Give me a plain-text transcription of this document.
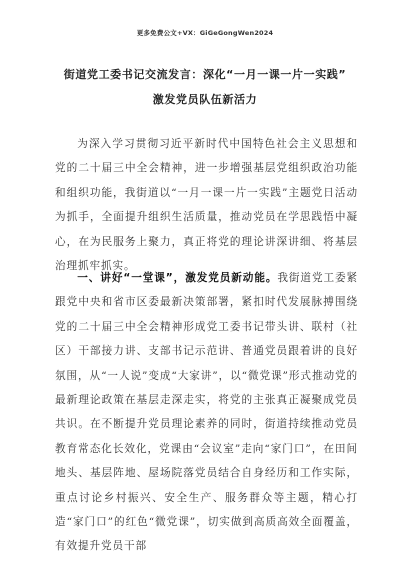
更多免费公文+VX：GiGeGongWen2024
街道党工委书记交流发言：深化“一月一课一片一实践”
激发党员队伍新活力

为深入学习贯彻习近平新时代中国特色社会主义思想和党的二十届三中全会精神，进一步增强基层党组织政治功能和组织功能，我街道以“一月一课一片一实践”主题党日活动为抓手，全面提升组织生活质量，推动党员在学思践悟中凝心，在为民服务上聚力，真正将党的理论讲深讲细、将基层治理抓牢抓实。

一、讲好“一堂课”，激发党员新动能。我街道党工委紧跟党中央和省市区委最新决策部署，紧扣时代发展脉搏围绕党的二十届三中全会精神形成党工委书记带头讲、联村（社区）干部接力讲、支部书记示范讲、普通党员跟着讲的良好氛围，从“一人说”变成“大家讲”，以“微党课”形式推动党的最新理论政策在基层走深走实，将党的主张真正凝聚成党员共识。在不断提升党员理论素养的同时，街道持续推动党员教育常态化长效化，党课由“会议室”走向“家门口”，在田间地头、基层阵地、屋场院落党员结合自身经历和工作实际，重点讨论乡村振兴、安全生产、服务群众等主题，精心打造“家门口”的红色“微党课”，切实做到高质高效全面覆盖，有效提升党员干部
